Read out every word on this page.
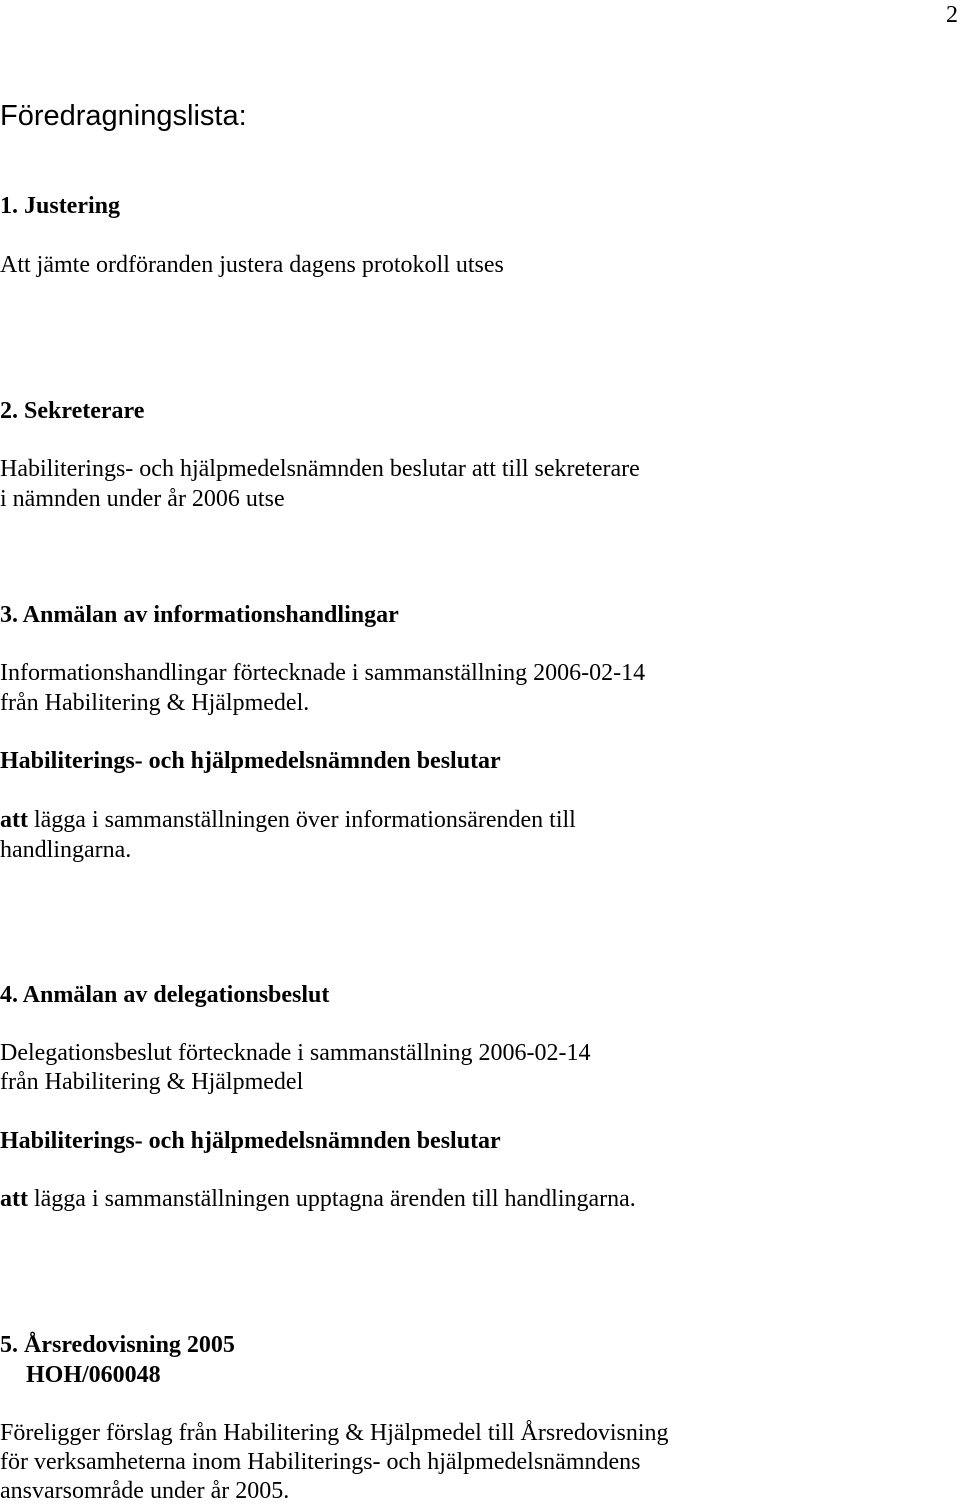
2
Föredragningslista:
1. Justering
Att jämte ordföranden justera dagens protokoll utses
2. Sekreterare
Habiliterings- och hjälpmedelsnämnden beslutar att till sekreterare
i nämnden under år 2006 utse
3. Anmälan av informationshandlingar
Informationshandlingar förtecknade i sammanställning 2006-02-14
från Habilitering & Hjälpmedel.
Habiliterings- och hjälpmedelsnämnden beslutar
att lägga i sammanställningen över informationsärenden till
handlingarna.
4. Anmälan av delegationsbeslut
Delegationsbeslut förtecknade i sammanställning 2006-02-14
från Habilitering & Hjälpmedel
Habiliterings- och hjälpmedelsnämnden beslutar
att lägga i sammanställningen upptagna ärenden till handlingarna.
5. Årsredovisning 2005
HOH/060048
Föreligger förslag från Habilitering & Hjälpmedel till Årsredovisning
för verksamheterna inom Habiliterings- och hjälpmedelsnämndens
ansvarsområde under år 2005.
